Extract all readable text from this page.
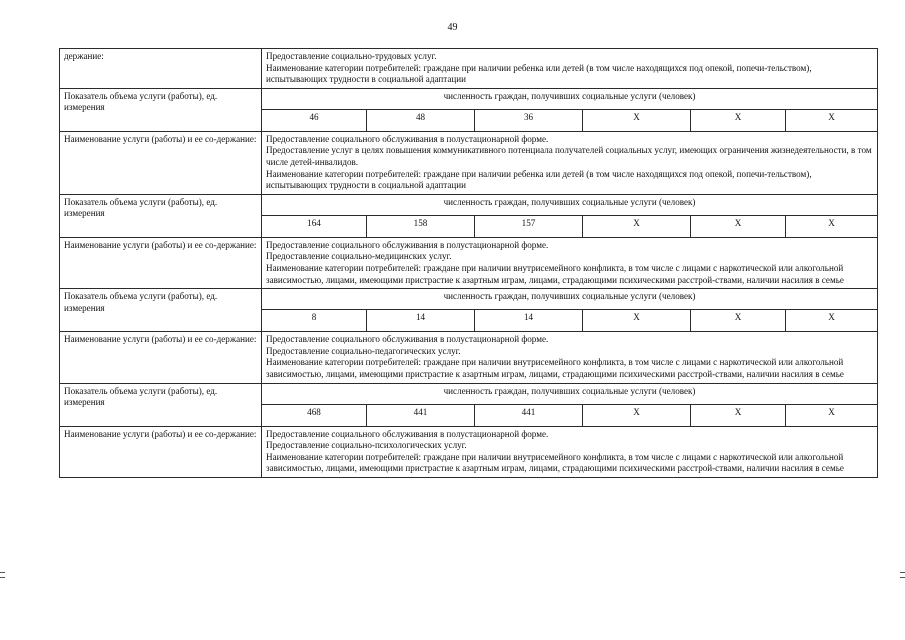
49
держание:	Предоставление социально-трудовых услуг.
Наименование категории потребителей: граждане при наличии ребенка или детей (в том числе находящихся под опекой, попечи-тельством), испытывающих трудности в социальной адаптации					

Показатель объема услуги (работы), ед. измерения	численность граждан, получивших социальные услуги (человек)					
	46	48	36	X	X	X
Наименование услуги (работы) и ее со-держание:	Предоставление социального обслуживания в полустационарной форме.
Предоставление услуг в целях повышения коммуникативного потенциала получателей социальных услуг, имеющих ограничения жизнедеятельности, в том числе детей-инвалидов.
Наименование категории потребителей: граждане при наличии ребенка или детей (в том числе находящихся под опекой, попечи-тельством), испытывающих трудности в социальной адаптации					

Показатель объема услуги (работы), ед. измерения	численность граждан, получивших социальные услуги (человек)					
	164	158	157	X	X	X
Наименование услуги (работы) и ее со-держание:	Предоставление социального обслуживания в полустационарной форме.
Предоставление социально-медицинских услуг.
Наименование категории потребителей: граждане при наличии внутрисемейного конфликта, в том числе с лицами с наркотической или алкогольной зависимостью, лицами, имеющими пристрастие к азартным играм, лицами, страдающими психическими расстрой-ствами, наличии насилия в семье					

Показатель объема услуги (работы), ед. измерения	численность граждан, получивших социальные услуги (человек)					
	8	14	14	X	X	X
Наименование услуги (работы) и ее со-держание:	Предоставление социального обслуживания в полустационарной форме.
Предоставление социально-педагогических услуг.
Наименование категории потребителей: граждане при наличии внутрисемейного конфликта, в том числе с лицами с наркотической или алкогольной зависимостью, лицами, имеющими пристрастие к азартным играм, лицами, страдающими психическими расстрой-ствами, наличии насилия в семье					

Показатель объема услуги (работы), ед. измерения	численность граждан, получивших социальные услуги (человек)					
	468	441	441	X	X	X
Наименование услуги (работы) и ее со-держание:	Предоставление социального обслуживания в полустационарной форме.
Предоставление социально-психологических услуг.
Наименование категории потребителей: граждане при наличии внутрисемейного конфликта, в том числе с лицами с наркотической или алкогольной зависимостью, лицами, имеющими пристрастие к азартным играм, лицами, страдающими психическими расстрой-ствами, наличии насилия в семье					
